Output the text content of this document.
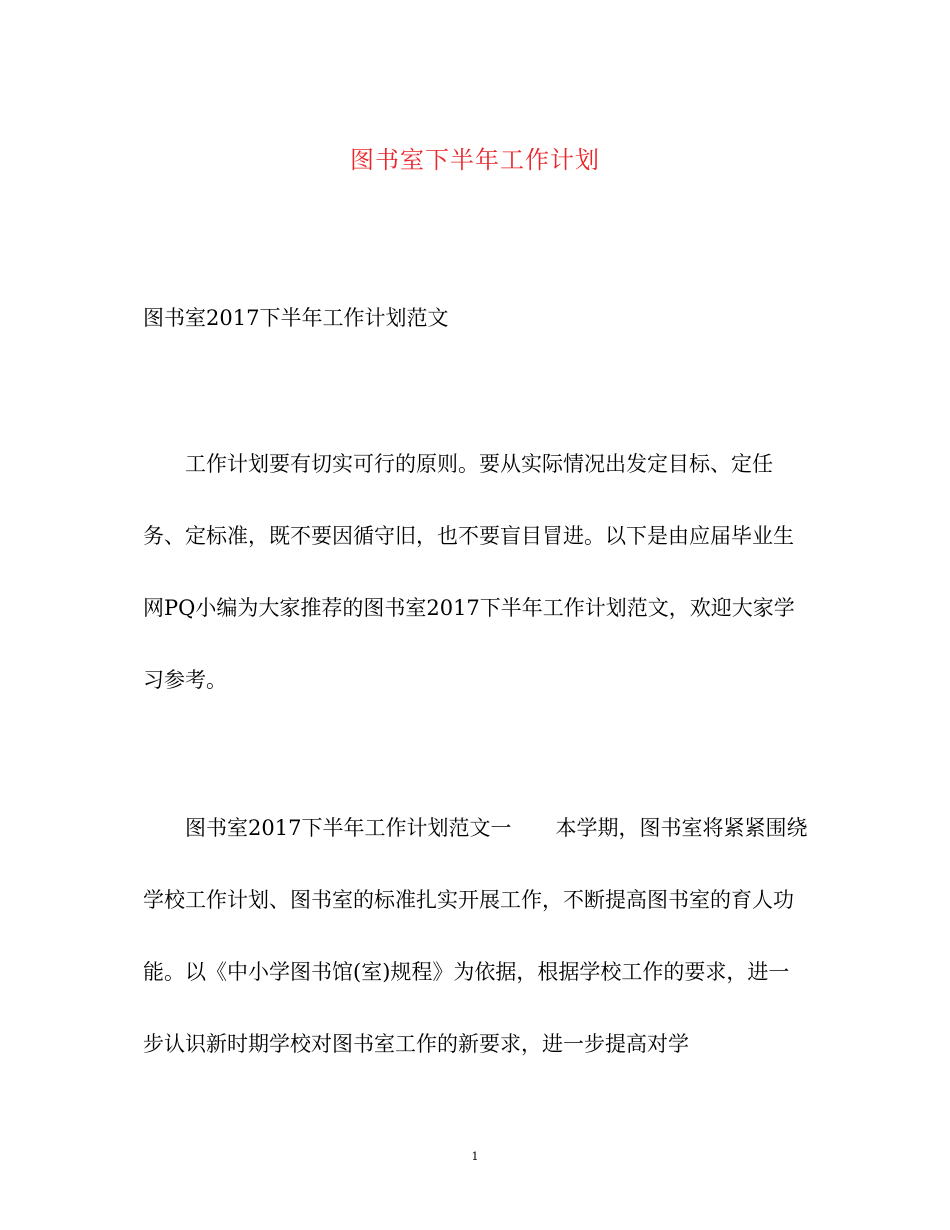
图书室下半年工作计划

图书室2017下半年工作计划范文

工作计划要有切实可行的原则。要从实际情况出发定目标、定任务、定标准，既不要因循守旧，也不要盲目冒进。以下是由应届毕业生网PQ小编为大家推荐的图书室2017下半年工作计划范文，欢迎大家学习参考。

图书室2017下半年工作计划范文一 本学期，图书室将紧紧围绕学校工作计划、图书室的标准扎实开展工作，不断提高图书室的育人功能。以《中小学图书馆(室)规程》为依据，根据学校工作的要求，进一步认识新时期学校对图书室工作的新要求，进一步提高对学

1
